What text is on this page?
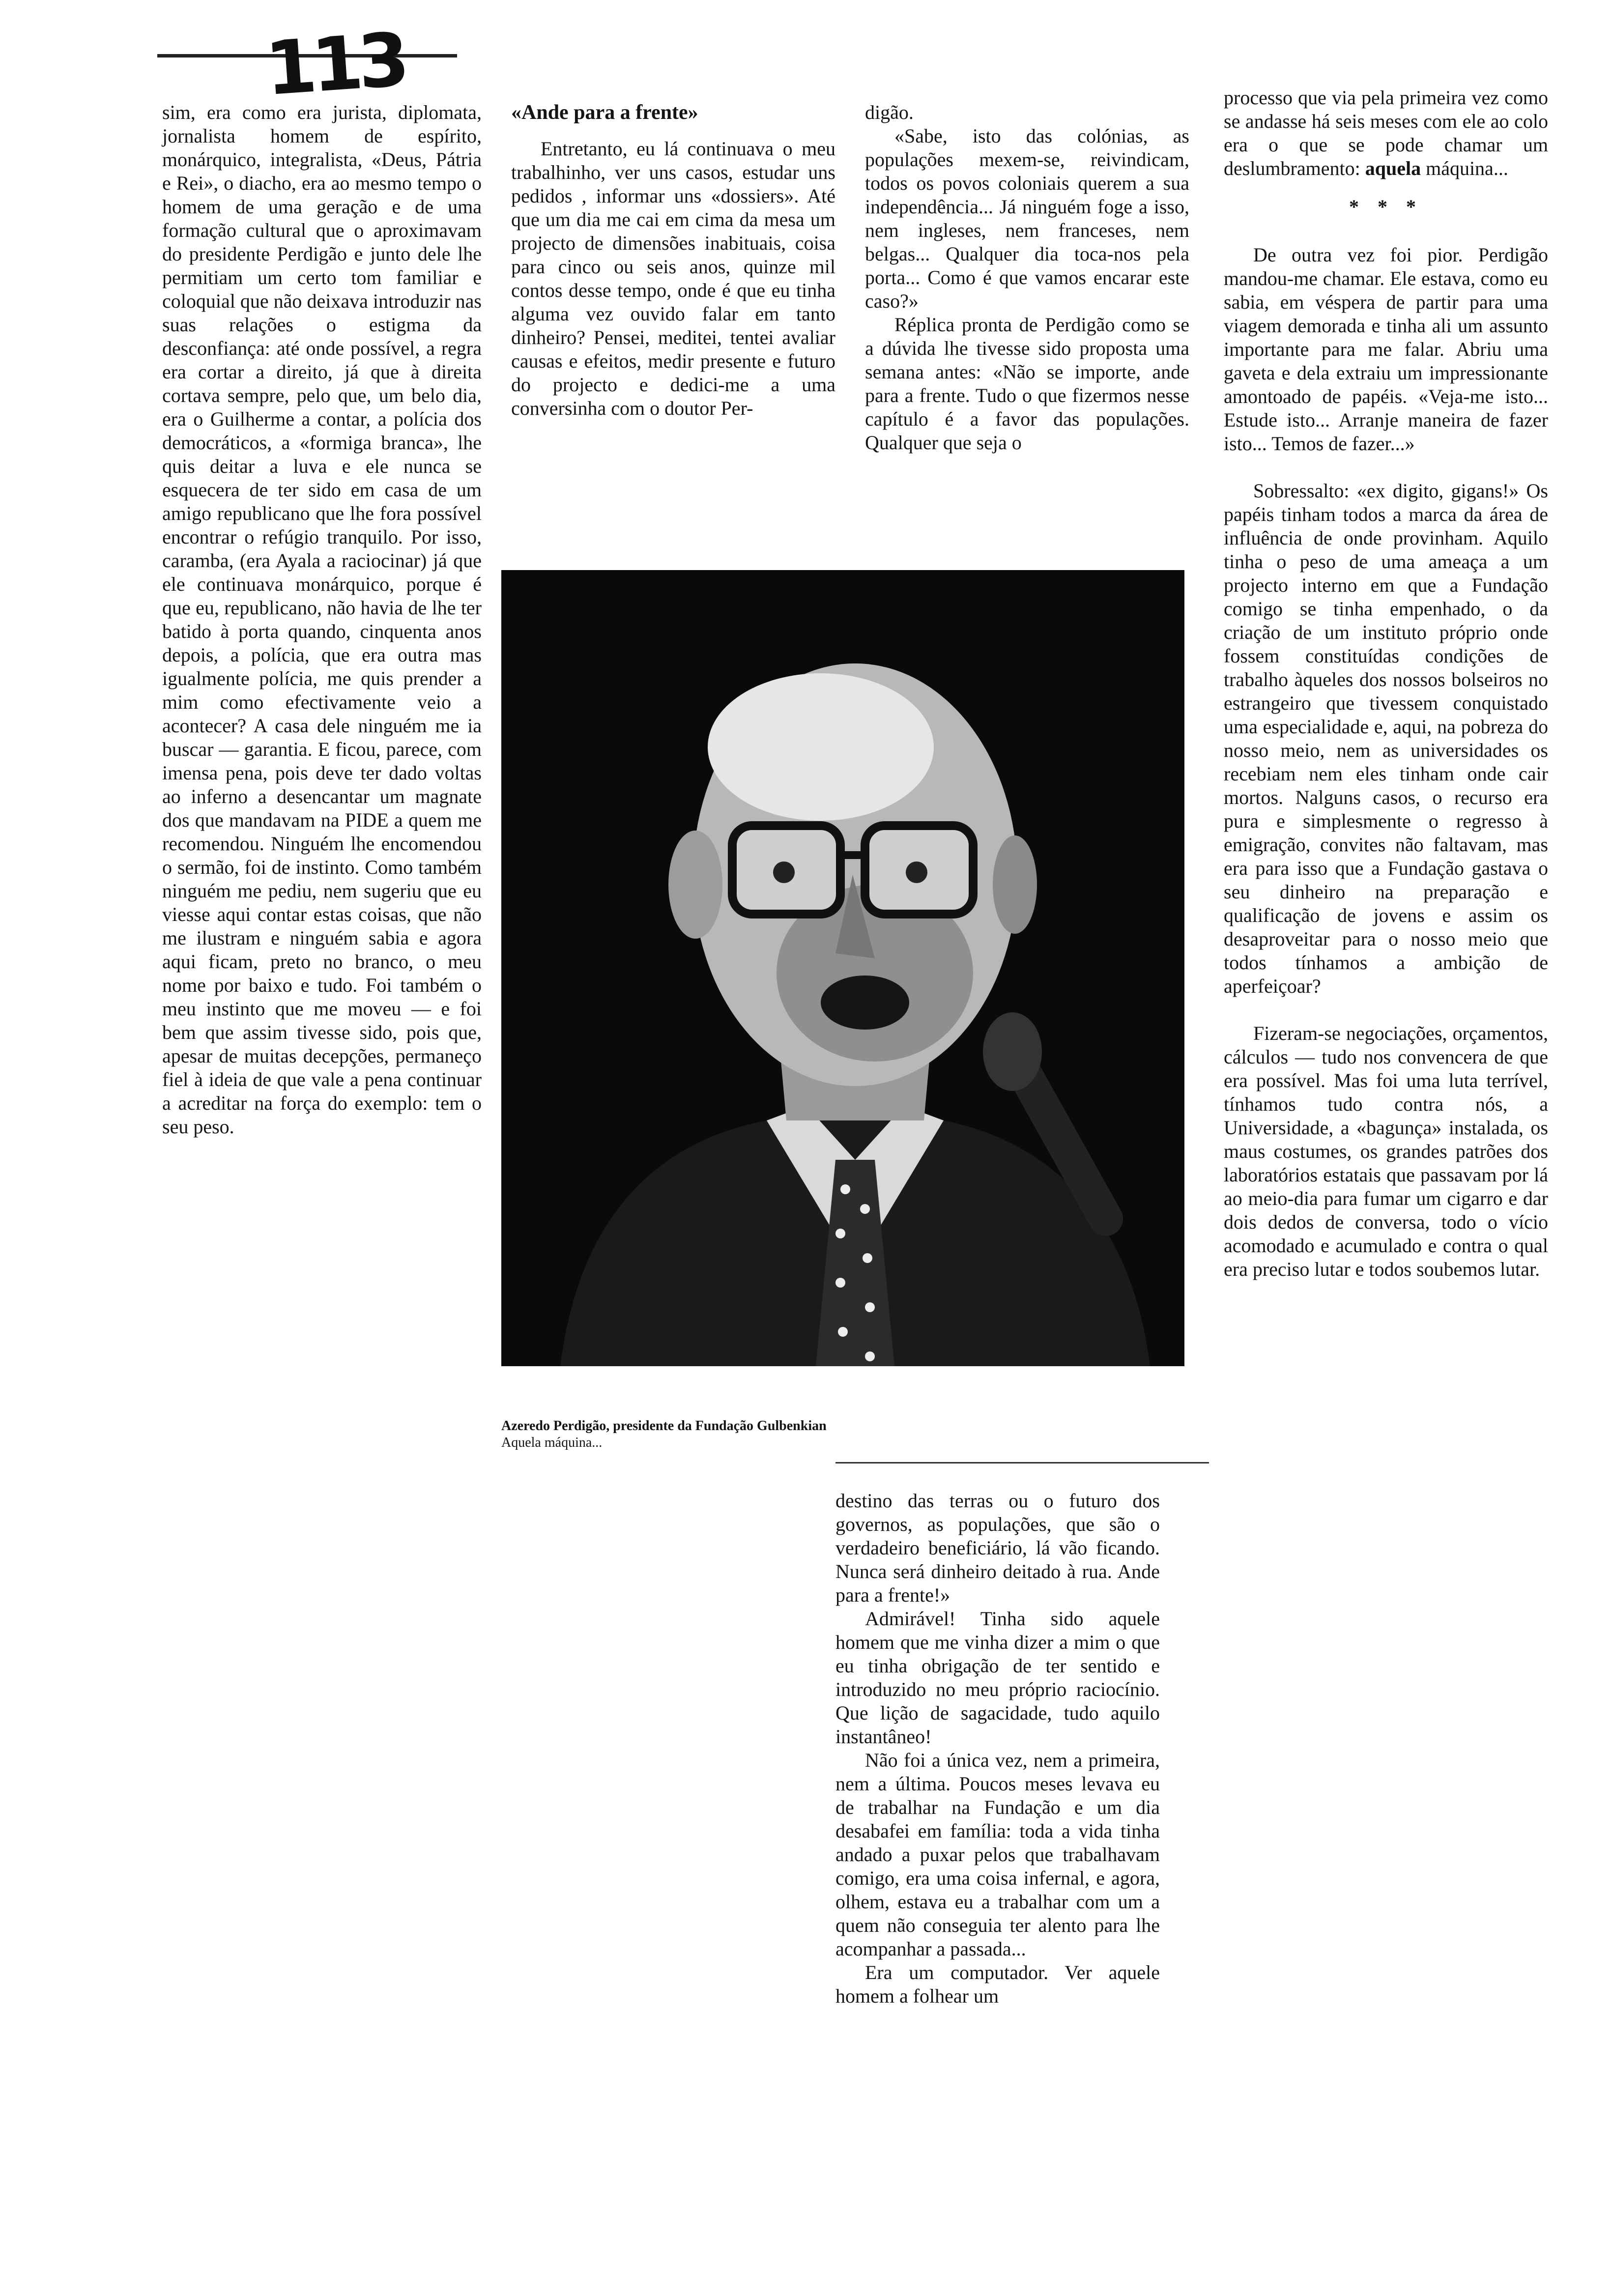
113

sim, era como era jurista, diplomata, jornalista homem de espírito, monárquico, integralista, «Deus, Pátria e Rei», o diacho, era ao mesmo tempo o homem de uma geração e de uma formação cultural que o aproximavam do presidente Perdigão e junto dele lhe permitiam um certo tom familiar e coloquial que não deixava introduzir nas suas relações o estigma da desconfiança: até onde possível, a regra era cortar a direito, já que à direita cortava sempre, pelo que, um belo dia, era o Guilherme a contar, a polícia dos democráticos, a «formiga branca», lhe quis deitar a luva e ele nunca se esquecera de ter sido em casa de um amigo republicano que lhe fora possível encontrar o refúgio tranquilo. Por isso, caramba, (era Ayala a raciocinar) já que ele continuava monárquico, porque é que eu, republicano, não havia de lhe ter batido à porta quando, cinquenta anos depois, a polícia, que era outra mas igualmente polícia, me quis prender a mim como efectivamente veio a acontecer? A casa dele ninguém me ia buscar — garantia. E ficou, parece, com imensa pena, pois deve ter dado voltas ao inferno a desencantar um magnate dos que mandavam na PIDE a quem me recomendou. Ninguém lhe encomendou o sermão, foi de instinto. Como também ninguém me pediu, nem sugeriu que eu viesse aqui contar estas coisas, que não me ilustram e ninguém sabia e agora aqui ficam, preto no branco, o meu nome por baixo e tudo. Foi também o meu instinto que me moveu — e foi bem que assim tivesse sido, pois que, apesar de muitas decepções, permaneço fiel à ideia de que vale a pena continuar a acreditar na força do exemplo: tem o seu peso.

«Ande para a frente»

Entretanto, eu lá continuava o meu trabalhinho, ver uns casos, estudar uns pedidos , informar uns «dossiers». Até que um dia me cai em cima da mesa um projecto de dimensões inabituais, coisa para cinco ou seis anos, quinze mil contos desse tempo, onde é que eu tinha alguma vez ouvido falar em tanto dinheiro? Pensei, meditei, tentei avaliar causas e efeitos, medir presente e futuro do projecto e dedici-me a uma conversinha com o doutor Per-

digão.

«Sabe, isto das colónias, as populações mexem-se, reivindicam, todos os povos coloniais querem a sua independência... Já ninguém foge a isso, nem ingleses, nem franceses, nem belgas... Qualquer dia toca-nos pela porta... Como é que vamos encarar este caso?»

Réplica pronta de Perdigão como se a dúvida lhe tivesse sido proposta uma semana antes: «Não se importe, ande para a frente. Tudo o que fizermos nesse capítulo é a favor das populações. Qualquer que seja o

processo que via pela primeira vez como se andasse há seis meses com ele ao colo era o que se pode chamar um deslumbramento: aquela máquina...

* * *

De outra vez foi pior. Perdigão mandou-me chamar. Ele estava, como eu sabia, em véspera de partir para uma viagem demorada e tinha ali um assunto importante para me falar. Abriu uma gaveta e dela extraiu um impressionante amontoado de papéis. «Veja-me isto... Estude isto... Arranje maneira de fazer isto... Temos de fazer...»

Sobressalto: «ex digito, gigans!» Os papéis tinham todos a marca da área de influência de onde provinham. Aquilo tinha o peso de uma ameaça a um projecto interno em que a Fundação comigo se tinha empenhado, o da criação de um instituto próprio onde fossem constituídas condições de trabalho àqueles dos nossos bolseiros no estrangeiro que tivessem conquistado uma especialidade e, aqui, na pobreza do nosso meio, nem as universidades os recebiam nem eles tinham onde cair mortos. Nalguns casos, o recurso era pura e simplesmente o regresso à emigração, convites não faltavam, mas era para isso que a Fundação gastava o seu dinheiro na preparação e qualificação de jovens e assim os desaproveitar para o nosso meio que todos tínhamos a ambição de aperfeiçoar?

Fizeram-se negociações, orçamentos, cálculos — tudo nos convencera de que era possível. Mas foi uma luta terrível, tínhamos tudo contra nós, a Universidade, a «bagunça» instalada, os maus costumes, os grandes patrões dos laboratórios estatais que passavam por lá ao meio-dia para fumar um cigarro e dar dois dedos de conversa, todo o vício acomodado e acumulado e contra o qual era preciso lutar e todos soubemos lutar.

Azeredo Perdigão, presidente da Fundação Gulbenkian
Aquela máquina...

destino das terras ou o futuro dos governos, as populações, que são o verdadeiro beneficiário, lá vão ficando. Nunca será dinheiro deitado à rua. Ande para a frente!»

Admirável! Tinha sido aquele homem que me vinha dizer a mim o que eu tinha obrigação de ter sentido e introduzido no meu próprio raciocínio. Que lição de sagacidade, tudo aquilo instantâneo!

Não foi a única vez, nem a primeira, nem a última. Poucos meses levava eu de trabalhar na Fundação e um dia desabafei em família: toda a vida tinha andado a puxar pelos que trabalhavam comigo, era uma coisa infernal, e agora, olhem, estava eu a trabalhar com um a quem não conseguia ter alento para lhe acompanhar a passada...

Era um computador. Ver aquele homem a folhear um
